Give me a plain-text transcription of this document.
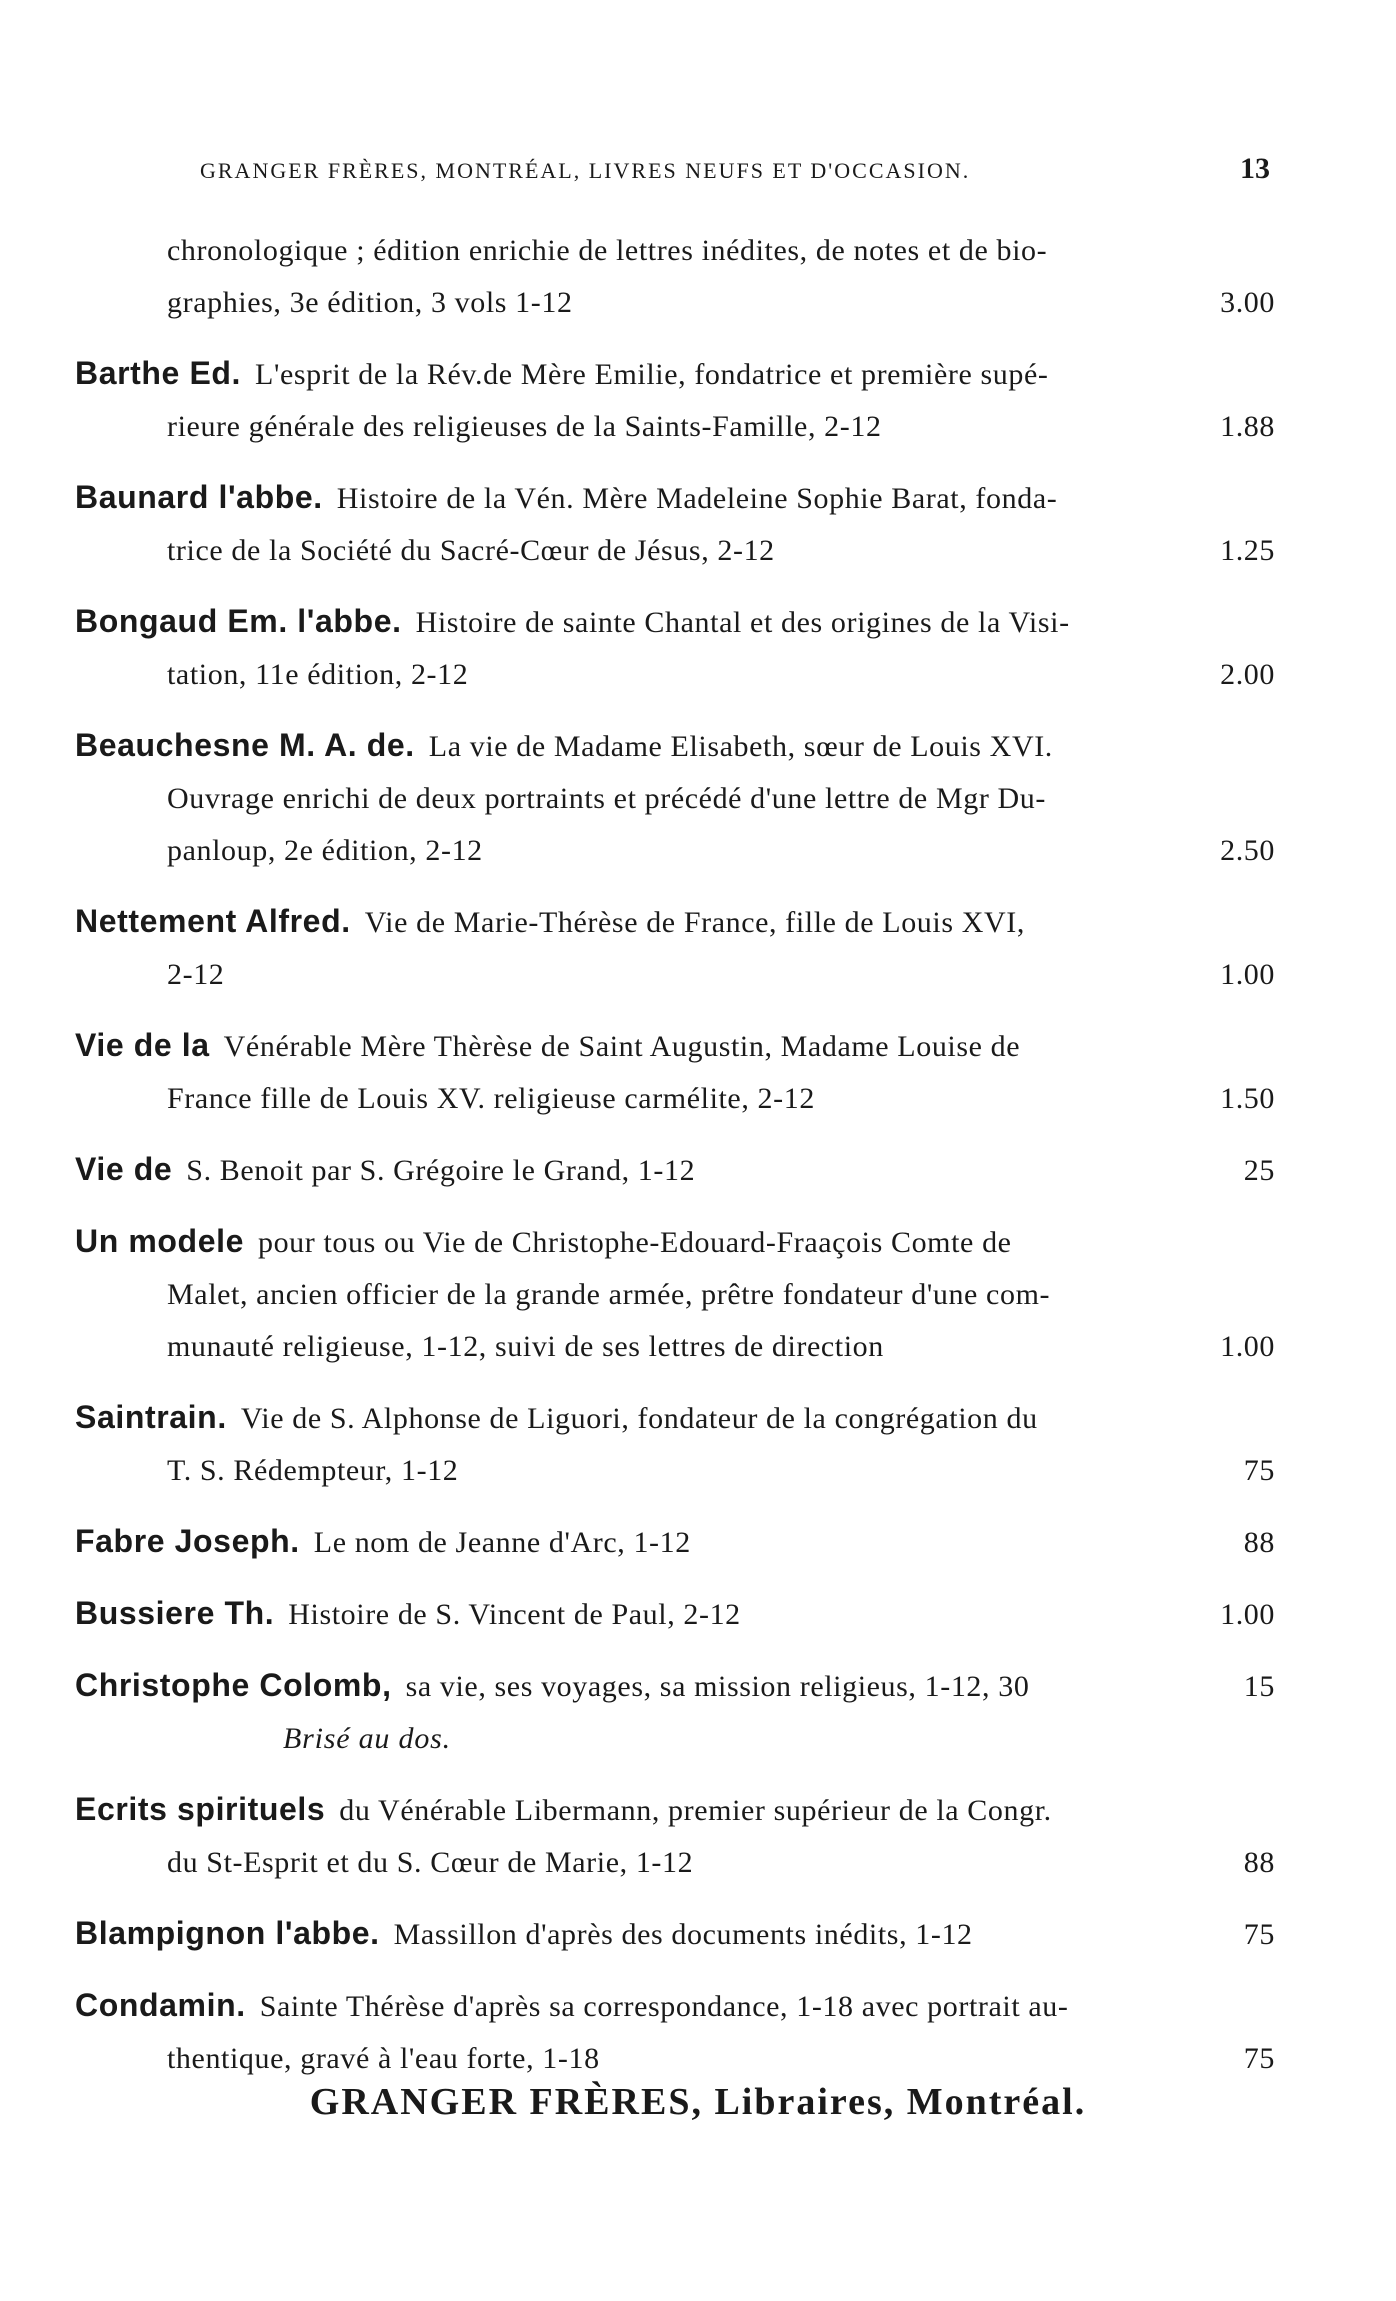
GRANGER FRÈRES, MONTRÉAL, LIVRES NEUFS ET D'OCCASION.	13
chronologique ; édition enrichie de lettres inédites, de notes et de bio-
graphies, 3e édition, 3 vols 1-12	3.00
Barthe Ed. L'esprit de la Rév.de Mère Emilie, fondatrice et première supé-
rieure générale des religieuses de la Saints-Famille, 2-12	1.88
Baunard l'abbe. Histoire de la Vén. Mère Madeleine Sophie Barat, fonda-
trice de la Société du Sacré-Cœur de Jésus, 2-12	1.25
Bongaud Em. l'abbe. Histoire de sainte Chantal et des origines de la Visi-
tation, 11e édition, 2-12	2.00
Beauchesne M. A. de. La vie de Madame Elisabeth, sœur de Louis XVI.
Ouvrage enrichi de deux portraints et précédé d'une lettre de Mgr Du-
panloup, 2e édition, 2-12	2.50
Nettement Alfred. Vie de Marie-Thérèse de France, fille de Louis XVI,
2-12	1.00
Vie de la Vénérable Mère Thèrèse de Saint Augustin, Madame Louise de
France fille de Louis XV. religieuse carmélite, 2-12	1.50
Vie de S. Benoit par S. Grégoire le Grand, 1-12	25
Un modele pour tous ou Vie de Christophe-Edouard-Fraaçois Comte de
Malet, ancien officier de la grande armée, prêtre fondateur d'une com-
munauté religieuse, 1-12, suivi de ses lettres de direction	1.00
Saintrain. Vie de S. Alphonse de Liguori, fondateur de la congrégation du
T. S. Rédempteur, 1-12	75
Fabre Joseph. Le nom de Jeanne d'Arc, 1-12	88
Bussiere Th. Histoire de S. Vincent de Paul, 2-12	1.00
Christophe Colomb, sa vie, ses voyages, sa mission religieus, 1-12, 30	15
Brisé au dos.
Ecrits spirituels du Vénérable Libermann, premier supérieur de la Congr.
du St-Esprit et du S. Cœur de Marie, 1-12	88
Blampignon l'abbe. Massillon d'après des documents inédits, 1-12	75
Condamin. Sainte Thérèse d'après sa correspondance, 1-18 avec portrait au-
thentique, gravé à l'eau forte, 1-18	75
GRANGER FRÈRES, Libraires, Montréal.
